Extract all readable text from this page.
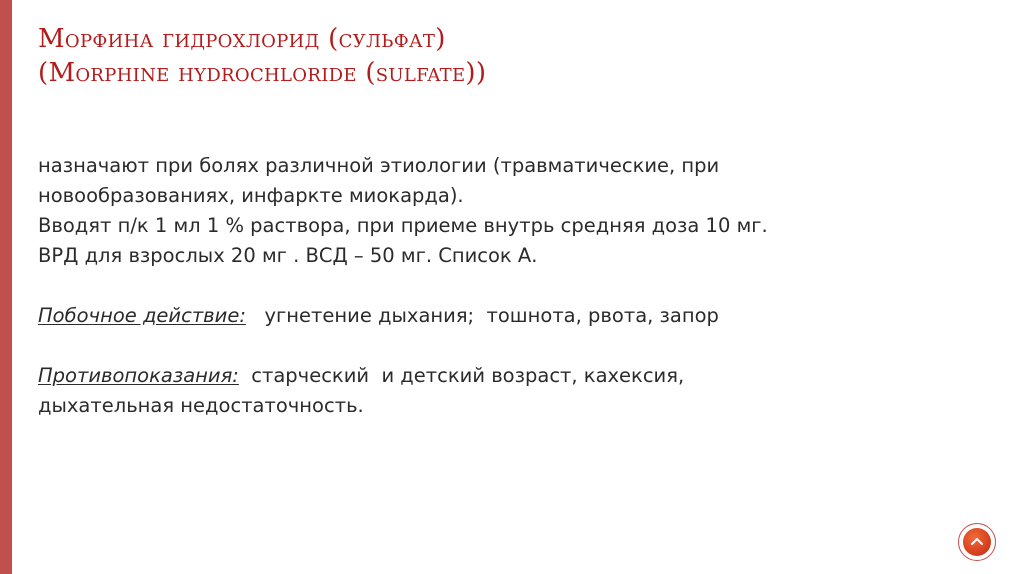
Морфина гидрохлорид (сульфат)
(Morphine hydrochloride (sulfate))

назначают при болях различной этиологии (травматические, при

новообразованиях, инфаркте миокарда).

Вводят п/к 1 мл 1 % раствора, при приеме внутрь средняя доза 10 мг.

ВРД для взрослых 20 мг . ВСД – 50 мг. Список А.

Побочное действие:   угнетение дыхания;  тошнота, рвота, запор

Противопоказания:  старческий  и детский возраст, кахексия,

дыхательная недостаточность.
